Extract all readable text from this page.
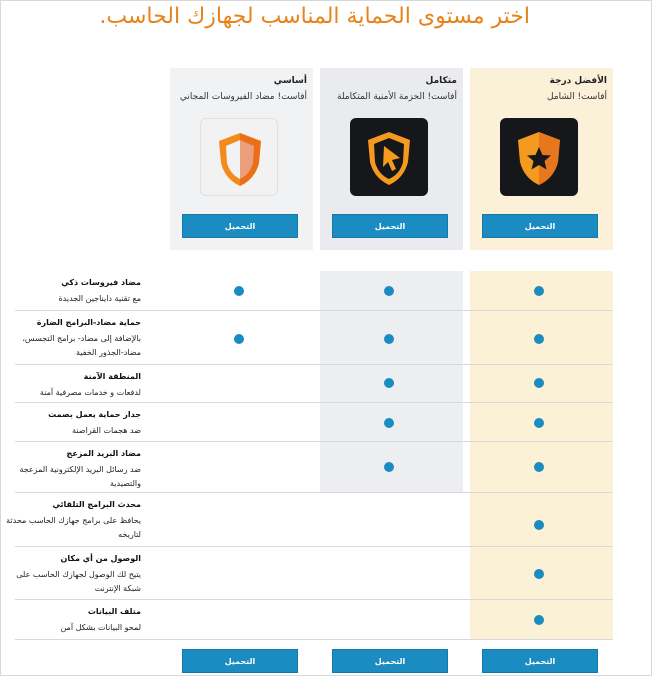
اختر مستوى الحماية المناسب لجهازك الحاسب.
الأفضل درجة
أفاست! الشامل
متكامل
أفاست! الحزمة الأمنية المتكاملة
أساسي
أفاست! مضاد الفيروسات المجاني
التحميل
التحميل
التحميل
مضاد فيروسات ذكي
مع تقنية دايناجين الجديدة
حماية مضاد-البرامج الضارة
بالإضافة إلى مضاد- برامج التجسس، مضاد-الجذور الخفية
المنطقة الآمنة
لدفعات و خدمات مصرفية آمنة
جدار حماية يعمل بصمت
ضد هجمات القراصنة
مضاد البريد المزعج
ضد رسائل البريد الإلكترونية المزعجة والتصيدية
محدث البرامج التلقائي
يحافظ على برامج جهازك الحاسب محدثة لتاريخه
الوصول من أي مكان
يتيح لك الوصول لجهازك الحاسب على شبكة الإنترنت
متلف البيانات
لمحو البيانات بشكل آمن
التحميل
التحميل
التحميل
